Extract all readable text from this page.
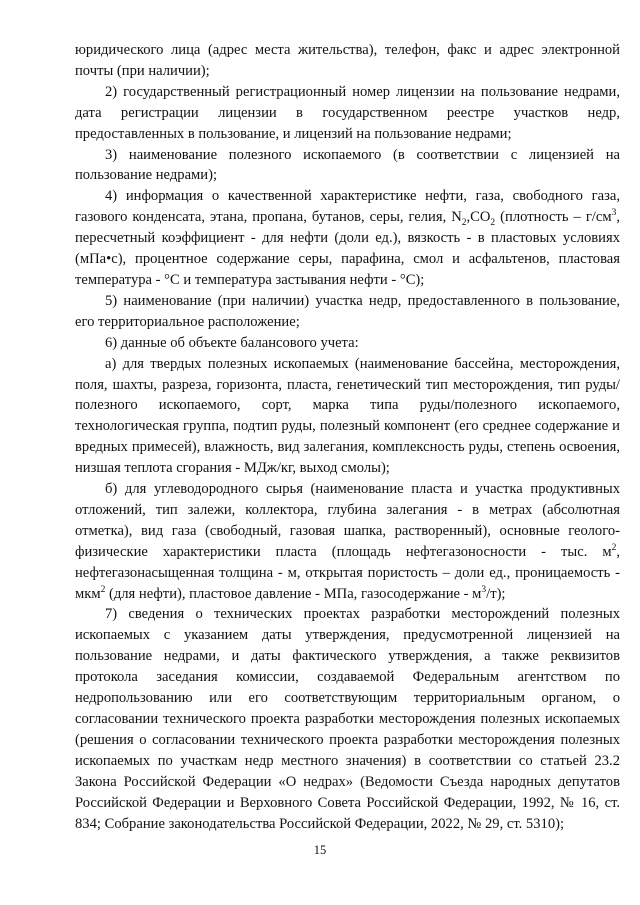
юридического лица (адрес места жительства), телефон, факс и адрес электронной почты (при наличии);

2) государственный регистрационный номер лицензии на пользование недрами, дата регистрации лицензии в государственном реестре участков недр, предоставленных в пользование, и лицензий на пользование недрами;

3) наименование полезного ископаемого (в соответствии с лицензией на пользование недрами);

4) информация о качественной характеристике нефти, газа, свободного газа, газового конденсата, этана, пропана, бутанов, серы, гелия, $N_2,CO_2$ (плотность – $г/см^3$, пересчетный коэффициент - для нефти (доли ед.), вязкость - в пластовых условиях (мПа•с), процентное содержание серы, парафина, смол и асфальтенов, пластовая температура - °С и температура застывания нефти - °С);

5) наименование (при наличии) участка недр, предоставленного в пользование, его территориальное расположение;

6) данные об объекте балансового учета:

а) для твердых полезных ископаемых (наименование бассейна, месторождения, поля, шахты, разреза, горизонта, пласта, генетический тип месторождения, тип руды/полезного ископаемого, сорт, марка типа руды/полезного ископаемого, технологическая группа, подтип руды, полезный компонент (его среднее содержание и вредных примесей), влажность, вид залегания, комплексность руды, степень освоения, низшая теплота сгорания - МДж/кг, выход смолы);

б) для углеводородного сырья (наименование пласта и участка продуктивных отложений, тип залежи, коллектора, глубина залегания - в метрах (абсолютная отметка), вид газа (свободный, газовая шапка, растворенный), основные геолого-физические характеристики пласта (площадь нефтегазоносности - тыс. $м^2$, нефтегазонасыщенная толщина - м, открытая пористость – доли ед., проницаемость - мкм$^2$ (для нефти), пластовое давление - МПа, газосодержание - $м^3/т$);

7) сведения о технических проектах разработки месторождений полезных ископаемых с указанием даты утверждения, предусмотренной лицензией на пользование недрами, и даты фактического утверждения, а также реквизитов протокола заседания комиссии, создаваемой Федеральным агентством по недропользованию или его соответствующим территориальным органом, о согласовании технического проекта разработки месторождения полезных ископаемых (решения о согласовании технического проекта разработки месторождения полезных ископаемых по участкам недр местного значения) в соответствии со статьей 23.2 Закона Российской Федерации «О недрах» (Ведомости Съезда народных депутатов Российской Федерации и Верховного Совета Российской Федерации, 1992, № 16, ст. 834; Собрание законодательства Российской Федерации, 2022, № 29, ст. 5310);

15
